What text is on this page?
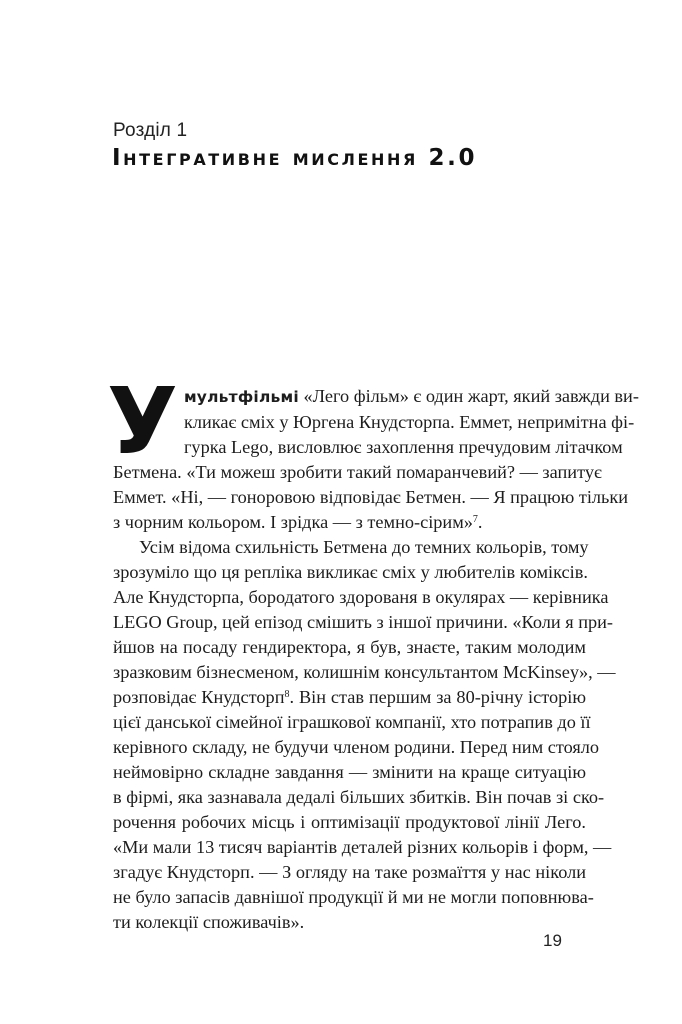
Розділ 1
Інтегративне мислення 2.0
У мультфільмі «Лего фільм» є один жарт, який завжди ви-
кликає сміх у Юргена Кнудсторпа. Еммет, непримітна фі-
гурка Lego, висловлює захоплення пречудовим літачком
Бетмена. «Ти можеш зробити такий помаранчевий? — запитує
Еммет. «Ні, — гоноровою відповідає Бетмен. — Я працюю тільки
з чорним кольором. І зрідка — з темно-сірим»$^7$.
Усім відома схильність Бетмена до темних кольорів, тому
зрозуміло що ця репліка викликає сміх у любителів коміксів.
Але Кнудсторпа, бородатого здорованя в окулярах — керівника
LEGO Group, цей епізод смішить з іншої причини. «Коли я при-
йшов на посаду гендиректора, я був, знаєте, таким молодим
зразковим бізнесменом, колишнім консультантом McKinsey», —
розповідає Кнудсторп$^8$. Він став першим за 80-річну історію
цієї данської сімейної іграшкової компанії, хто потрапив до її
керівного складу, не будучи членом родини. Перед ним стояло
неймовірно складне завдання — змінити на краще ситуацію
в фірмі, яка зазнавала дедалі більших збитків. Він почав зі ско-
рочення робочих місць і оптимізації продуктової лінії Лего.
«Ми мали 13 тисяч варіантів деталей різних кольорів і форм, —
згадує Кнудсторп. — З огляду на таке розмаїття у нас ніколи
не було запасів давнішої продукції й ми не могли поповнюва-
ти колекції споживачів».
19
